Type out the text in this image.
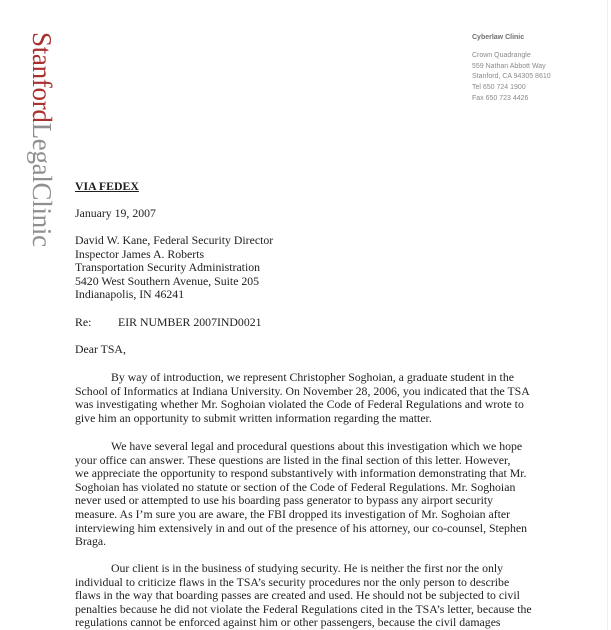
StanfordLegalClinic
Cyberlaw Clinic
Crown Quadrangle
559 Nathan Abbott Way
Stanford, CA 94305 8610
Tel 650 724 1900
Fax 650 723 4426
VIA FEDEX
January 19, 2007
David W. Kane, Federal Security Director
Inspector James A. Roberts
Transportation Security Administration
5420 West Southern Avenue, Suite 205
Indianapolis, IN 46241
Re: EIR NUMBER 2007IND0021
Dear TSA,
By way of introduction, we represent Christopher Soghoian, a graduate student in the
School of Informatics at Indiana University. On November 28, 2006, you indicated that the TSA
was investigating whether Mr. Soghoian violated the Code of Federal Regulations and wrote to
give him an opportunity to submit written information regarding the matter.
We have several legal and procedural questions about this investigation which we hope
your office can answer. These questions are listed in the final section of this letter. However,
we appreciate the opportunity to respond substantively with information demonstrating that Mr.
Soghoian has violated no statute or section of the Code of Federal Regulations. Mr. Soghoian
never used or attempted to use his boarding pass generator to bypass any airport security
measure. As I’m sure you are aware, the FBI dropped its investigation of Mr. Soghoian after
interviewing him extensively in and out of the presence of his attorney, our co-counsel, Stephen
Braga.
Our client is in the business of studying security. He is neither the first nor the only
individual to criticize flaws in the TSA’s security procedures nor the only person to describe
flaws in the way that boarding passes are created and used. He should not be subjected to civil
penalties because he did not violate the Federal Regulations cited in the TSA’s letter, because the
regulations cannot be enforced against him or other passengers, because the civil damages
